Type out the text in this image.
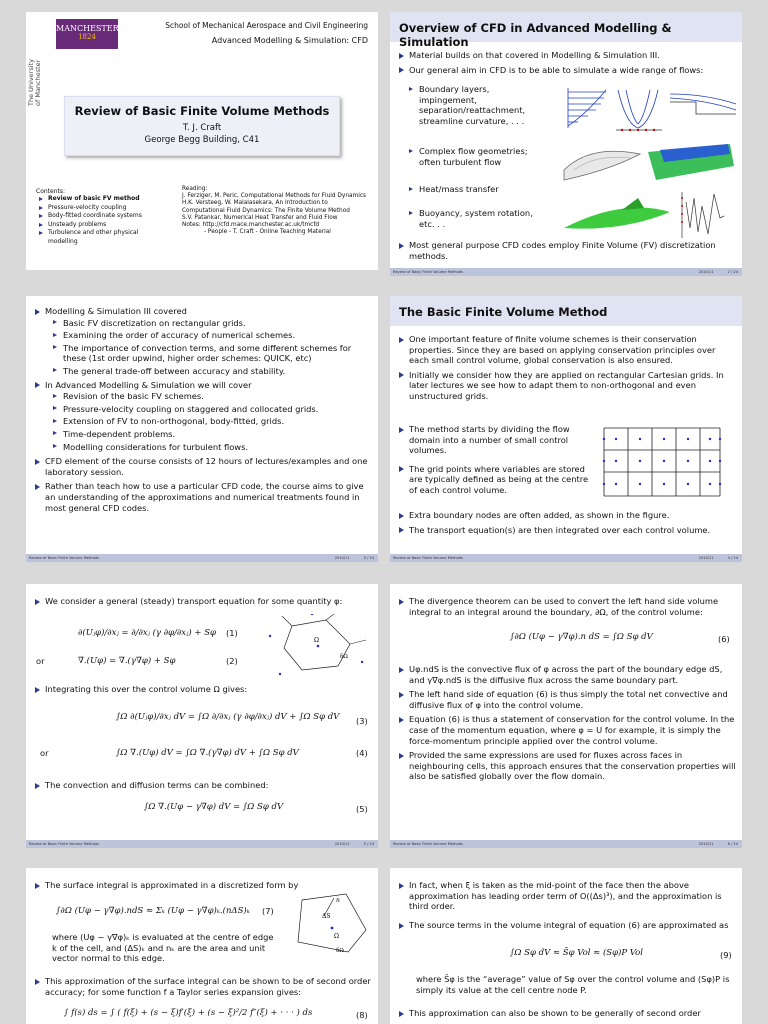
MANCHESTER
1824
The University of Manchester
School of Mechanical Aerospace and Civil Engineering
Advanced Modelling & Simulation: CFD
Review of Basic Finite Volume Methods
T. J. Craft
George Begg Building, C41
Contents:
Review of basic FV method
Pressure-velocity coupling
Body-fitted coordinate systems
Unsteady problems
Turbulence and other physical modelling
Reading:
J. Ferziger, M. Peric, Computational Methods for Fluid Dynamics
H.K. Versteeg, W. Malalasekara, An Introduction to Computational Fluid Dynamics: The Finite Volume Method
S.V. Patankar, Numerical Heat Transfer and Fluid Flow
Notes: http://cfd.mace.manchester.ac.uk/tmcfd
- People - T. Craft - Online Teaching Material
Overview of CFD in Advanced Modelling & Simulation
Material builds on that covered in Modelling & Simulation III.
Our general aim in CFD is to be able to simulate a wide range of flows:
Boundary layers, impingement, separation/reattachment, streamline curvature, . . .
Complex flow geometries; often turbulent flow
Heat/mass transfer
Buoyancy, system rotation, etc. . .
Most general purpose CFD codes employ Finite Volume (FV) discretization methods.
Review of Basic Finite Volume Methods	2010/11	2 / 24
Modelling & Simulation III covered
Basic FV discretization on rectangular grids.
Examining the order of accuracy of numerical schemes.
The importance of convection terms, and some different schemes for these (1st order upwind, higher order schemes: QUICK, etc)
The general trade-off between accuracy and stability.
In Advanced Modelling & Simulation we will cover
Revision of the basic FV schemes.
Pressure-velocity coupling on staggered and collocated grids.
Extension of FV to non-orthogonal, body-fitted, grids.
Time-dependent problems.
Modelling considerations for turbulent flows.
CFD element of the course consists of 12 hours of lectures/examples and one laboratory session.
Rather than teach how to use a particular CFD code, the course aims to give an understanding of the approximations and numerical treatments found in most general CFD codes.
Review of Basic Finite Volume Methods	2010/11	3 / 24
The Basic Finite Volume Method
One important feature of finite volume schemes is their conservation properties. Since they are based on applying conservation principles over each small control volume, global conservation is also ensured.
Initially we consider how they are applied on rectangular Cartesian grids. In later lectures we see how to adapt them to non-orthogonal and even unstructured grids.
The method starts by dividing the flow domain into a number of small control volumes.
The grid points where variables are stored are typically defined as being at the centre of each control volume.
Extra boundary nodes are often added, as shown in the figure.
The transport equation(s) are then integrated over each control volume.
Review of Basic Finite Volume Methods	2010/11	4 / 24
We consider a general (steady) transport equation for some quantity φ:
∂(Uⱼφ)/∂xⱼ = ∂/∂xⱼ (γ ∂φ/∂xⱼ) + Sφ (1)
or	∇.(Uφ) = ∇.(γ∇φ) + Sφ	(2)
Ω
δΩ
Integrating this over the control volume Ω gives:
∫Ω ∂(Uⱼφ)/∂xⱼ dV = ∫Ω ∂/∂xⱼ (γ ∂φ/∂xⱼ) dV + ∫Ω Sφ dV (3)
or	∫Ω ∇.(Uφ) dV = ∫Ω ∇.(γ∇φ) dV + ∫Ω Sφ dV	(4)
The convection and diffusion terms can be combined:
∫Ω ∇.(Uφ − γ∇φ) dV = ∫Ω Sφ dV	(5)
Review of Basic Finite Volume Methods	2010/11	5 / 24
The divergence theorem can be used to convert the left hand side volume integral to an integral around the boundary, ∂Ω, of the control volume:
∫∂Ω (Uφ − γ∇φ).n dS = ∫Ω Sφ dV	(6)
Uφ.ndS is the convective flux of φ across the part of the boundary edge dS, and γ∇φ.ndS is the diffusive flux across the same boundary part.
The left hand side of equation (6) is thus simply the total net convective and diffusive flux of φ into the control volume.
Equation (6) is thus a statement of conservation for the control volume. In the case of the momentum equation, where φ = U for example, it is simply the force-momentum principle applied over the control volume.
Provided the same expressions are used for fluxes across faces in neighbouring cells, this approach ensures that the conservation properties will also be satisfied globally over the flow domain.
Review of Basic Finite Volume Methods	2010/11	6 / 24
The surface integral is approximated in a discretized form by
∫∂Ω (Uφ − γ∇φ).ndS ≈ Σₖ (Uφ − γ∇φ)ₖ.(nΔS)ₖ (7)
n
ΔS
Ω
δΩ
where (Uφ − γ∇φ)ₖ is evaluated at the centre of edge k of the cell, and (ΔS)ₖ and nₖ are the area and unit vector normal to this edge.
This approximation of the surface integral can be shown to be of second order accuracy; for some function f a Taylor series expansion gives:
∫ f(s) ds = ∫ ( f(ξ) + (s − ξ)f′(ξ) + (s − ξ)²/2 f″(ξ) + · · · ) ds	(8)
In fact, when ξ is taken as the mid-point of the face then the above approximation has leading order term of O((Δs)³), and the approximation is third order.
The source terms in the volume integral of equation (6) are approximated as
∫Ω Sφ dV ≈ S̄φ Vol ≈ (Sφ)P Vol	(9)
where S̄φ is the “average” value of Sφ over the control volume and (Sφ)P is simply its value at the cell centre node P.
This approximation can also be shown to be generally of second order
